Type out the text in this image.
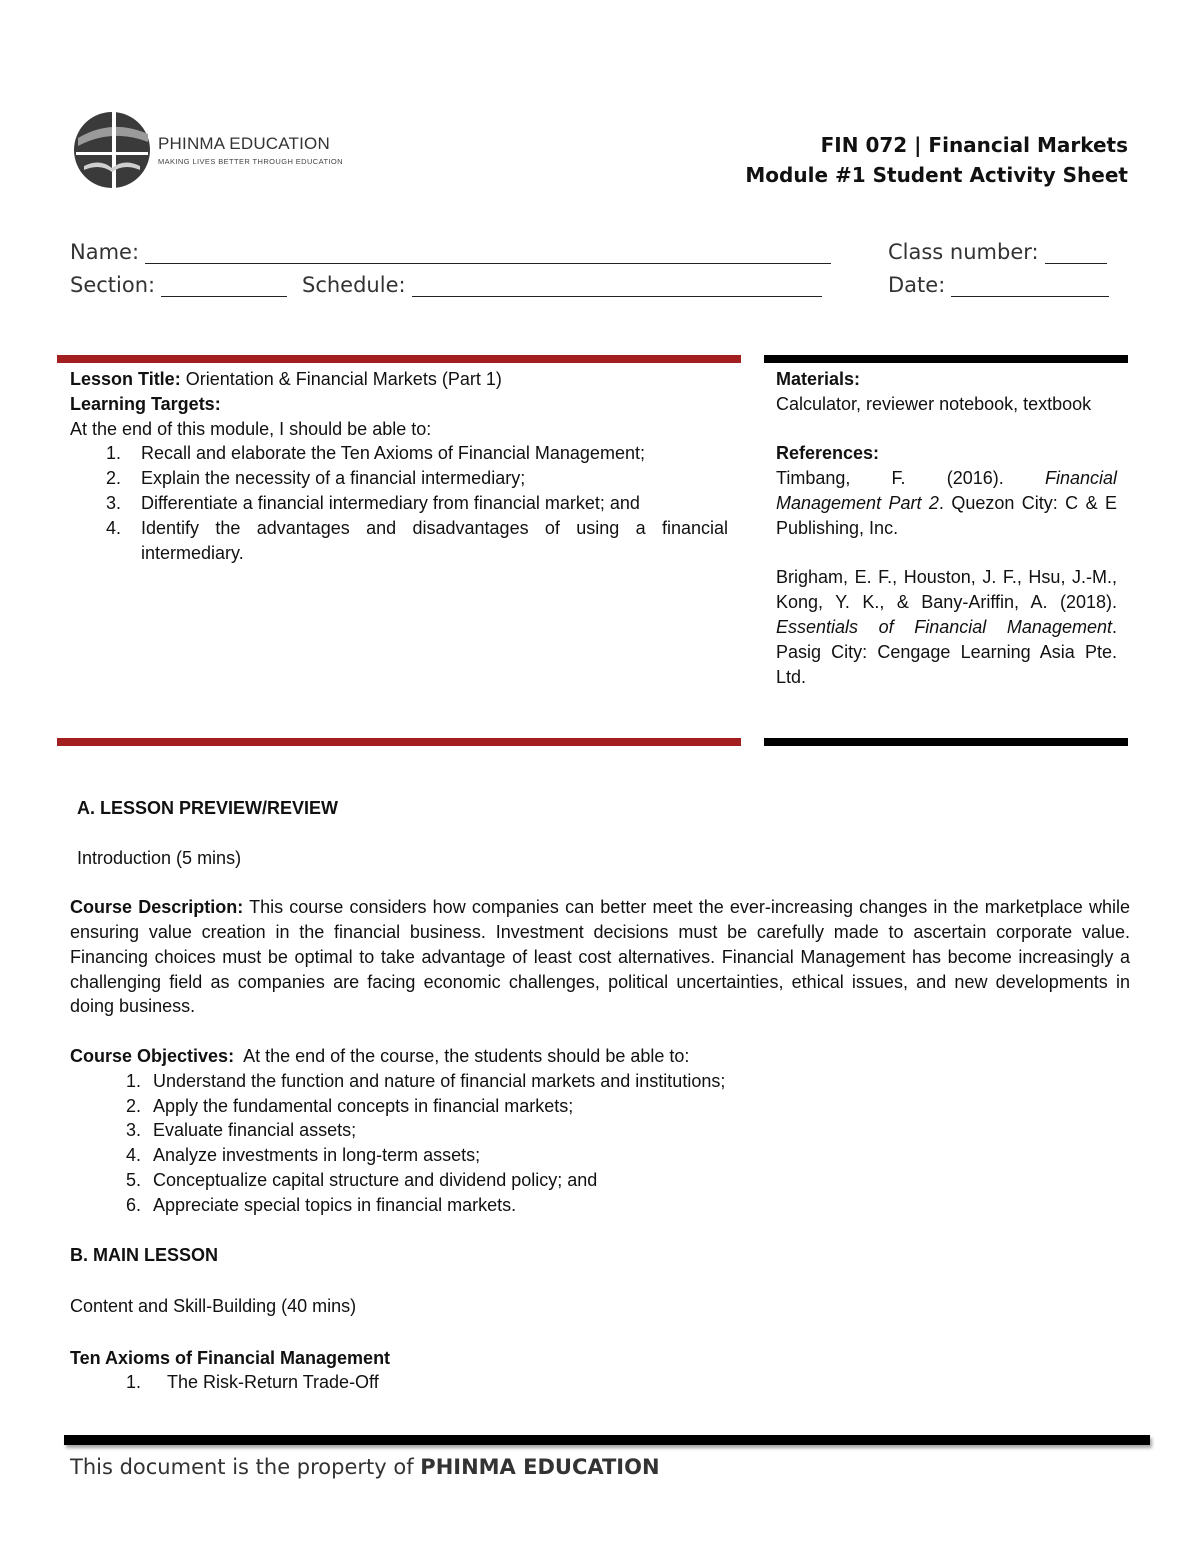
PHINMA EDUCATION
MAKING LIVES BETTER THROUGH EDUCATION
FIN 072 | Financial Markets
Module #1 Student Activity Sheet
Name:	Class number:
Section:	Schedule:	Date:
Lesson Title: Orientation & Financial Markets (Part 1)
Learning Targets:
At the end of this module, I should be able to:
1. Recall and elaborate the Ten Axioms of Financial Management;
2. Explain the necessity of a financial intermediary;
3. Differentiate a financial intermediary from financial market; and
4. Identify the advantages and disadvantages of using a financial intermediary.
Materials:
Calculator, reviewer notebook, textbook
References:
Timbang, F. (2016). Financial Management Part 2. Quezon City: C & E Publishing, Inc.
Brigham, E. F., Houston, J. F., Hsu, J.-M., Kong, Y. K., & Bany-Ariffin, A. (2018). Essentials of Financial Management. Pasig City: Cengage Learning Asia Pte. Ltd.
A. LESSON PREVIEW/REVIEW
Introduction (5 mins)
Course Description: This course considers how companies can better meet the ever-increasing changes in the marketplace while ensuring value creation in the financial business. Investment decisions must be carefully made to ascertain corporate value. Financing choices must be optimal to take advantage of least cost alternatives. Financial Management has become increasingly a challenging field as companies are facing economic challenges, political uncertainties, ethical issues, and new developments in doing business.
Course Objectives:  At the end of the course, the students should be able to:
1. Understand the function and nature of financial markets and institutions;
2. Apply the fundamental concepts in financial markets;
3. Evaluate financial assets;
4. Analyze investments in long-term assets;
5. Conceptualize capital structure and dividend policy; and
6. Appreciate special topics in financial markets.
B. MAIN LESSON
Content and Skill-Building (40 mins)
Ten Axioms of Financial Management
1. The Risk-Return Trade-Off
This document is the property of PHINMA EDUCATION
